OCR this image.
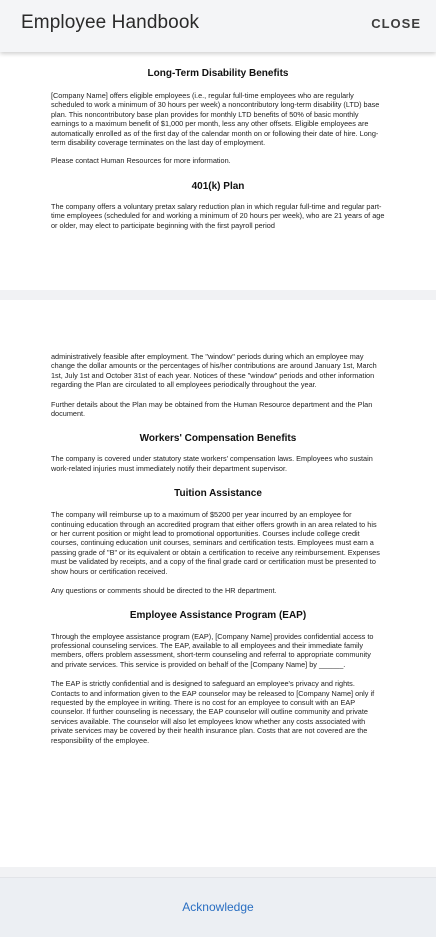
Employee Handbook	CLOSE
Long-Term Disability Benefits

[Company Name] offers eligible employees (i.e., regular full-time employees who are regularly scheduled to work a minimum of 30 hours per week) a noncontributory long-term disability (LTD) base plan. This noncontributory base plan provides for monthly LTD benefits of 50% of basic monthly earnings to a maximum benefit of $1,000 per month, less any other offsets. Eligible employees are automatically enrolled as of the first day of the calendar month on or following their date of hire. Long-term disability coverage terminates on the last day of employment.

Please contact Human Resources for more information.

401(k) Plan

The company offers a voluntary pretax salary reduction plan in which regular full-time and regular part-time employees (scheduled for and working a minimum of 20 hours per week), who are 21 years of age or older, may elect to participate beginning with the first payroll period

administratively feasible after employment. The "window" periods during which an employee may change the dollar amounts or the percentages of his/her contributions are around January 1st, March 1st, July 1st and October 31st of each year. Notices of these "window" periods and other information regarding the Plan are circulated to all employees periodically throughout the year.

Further details about the Plan may be obtained from the Human Resource department and the Plan document.

Workers' Compensation Benefits

The company is covered under statutory state workers' compensation laws. Employees who sustain work-related injuries must immediately notify their department supervisor.

Tuition Assistance

The company will reimburse up to a maximum of $5200 per year incurred by an employee for continuing education through an accredited program that either offers growth in an area related to his or her current position or might lead to promotional opportunities. Courses include college credit courses, continuing education unit courses, seminars and certification tests. Employees must earn a passing grade of "B" or its equivalent or obtain a certification to receive any reimbursement. Expenses must be validated by receipts, and a copy of the final grade card or certification must be presented to show hours or certification received.

Any questions or comments should be directed to the HR department.

Employee Assistance Program (EAP)

Through the employee assistance program (EAP), [Company Name] provides confidential access to professional counseling services. The EAP, available to all employees and their immediate family members, offers problem assessment, short-term counseling and referral to appropriate community and private services. This service is provided on behalf of the [Company Name] by ______.

The EAP is strictly confidential and is designed to safeguard an employee's privacy and rights. Contacts to and information given to the EAP counselor may be released to [Company Name] only if requested by the employee in writing. There is no cost for an employee to consult with an EAP counselor. If further counseling is necessary, the EAP counselor will outline community and private services available. The counselor will also let employees know whether any costs associated with private services may be covered by their health insurance plan. Costs that are not covered are the responsibility of the employee.

Acknowledge
